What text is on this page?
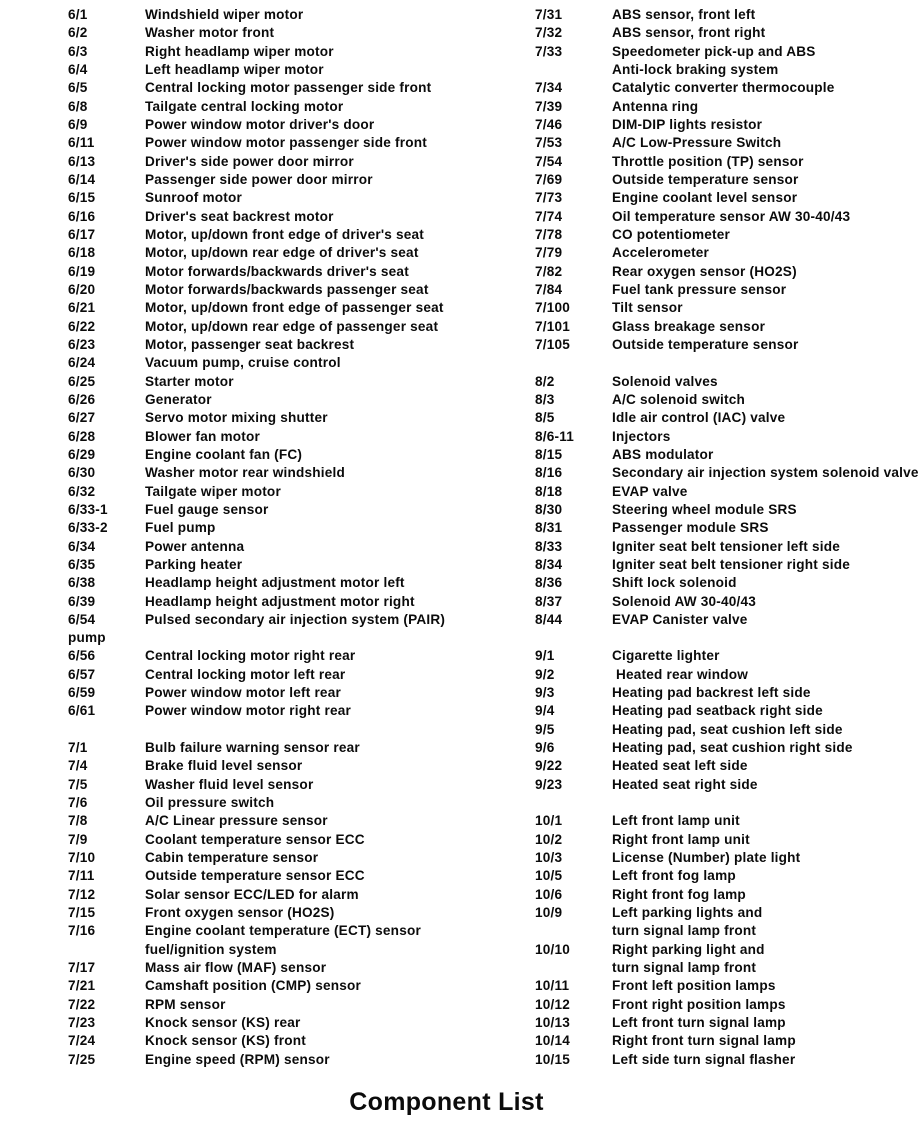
6/1	Windshield wiper motor
6/2	Washer motor front
6/3	Right headlamp wiper motor
6/4	Left headlamp wiper motor
6/5	Central locking motor passenger side front
6/8	Tailgate central locking motor
6/9	Power window motor driver's door
6/11	Power window motor passenger side front
6/13	Driver's side power door mirror
6/14	Passenger side power door mirror
6/15	Sunroof motor
6/16	Driver's seat backrest motor
6/17	Motor, up/down front edge of driver's seat
6/18	Motor, up/down rear edge of driver's seat
6/19	Motor forwards/backwards driver's seat
6/20	Motor forwards/backwards passenger seat
6/21	Motor, up/down front edge of passenger seat
6/22	Motor, up/down rear edge of passenger seat
6/23	Motor, passenger seat backrest
6/24	Vacuum pump, cruise control
6/25	Starter motor
6/26	Generator
6/27	Servo motor mixing shutter
6/28	Blower fan motor
6/29	Engine coolant fan (FC)
6/30	Washer motor rear windshield
6/32	Tailgate wiper motor
6/33-1	Fuel gauge sensor
6/33-2	Fuel pump
6/34	Power antenna
6/35	Parking heater
6/38	Headlamp height adjustment motor left
6/39	Headlamp height adjustment motor right
6/54	Pulsed secondary air injection system (PAIR)
pump
6/56	Central locking motor right rear
6/57	Central locking motor left rear
6/59	Power window motor left rear
6/61	Power window motor right rear
7/1	Bulb failure warning sensor rear
7/4	Brake fluid level sensor
7/5	Washer fluid level sensor
7/6	Oil pressure switch
7/8	A/C Linear pressure sensor
7/9	Coolant temperature sensor ECC
7/10	Cabin temperature sensor
7/11	Outside temperature sensor ECC
7/12	Solar sensor ECC/LED for alarm
7/15	Front oxygen sensor (HO2S)
7/16	Engine coolant temperature (ECT) sensor
fuel/ignition system
7/17	Mass air flow (MAF) sensor
7/21	Camshaft position (CMP) sensor
7/22	RPM sensor
7/23	Knock sensor (KS) rear
7/24	Knock sensor (KS) front
7/25	Engine speed (RPM) sensor
7/31	ABS sensor, front left
7/32	ABS sensor, front right
7/33	Speedometer pick-up and ABS
Anti-lock braking system
7/34	Catalytic converter thermocouple
7/39	Antenna ring
7/46	DIM-DIP lights resistor
7/53	A/C Low-Pressure Switch
7/54	Throttle position (TP) sensor
7/69	Outside temperature sensor
7/73	Engine coolant level sensor
7/74	Oil temperature sensor AW 30-40/43
7/78	CO potentiometer
7/79	Accelerometer
7/82	Rear oxygen sensor (HO2S)
7/84	Fuel tank pressure sensor
7/100	Tilt sensor
7/101	Glass breakage sensor
7/105	Outside temperature sensor
8/2	Solenoid valves
8/3	A/C solenoid switch
8/5	Idle air control (IAC) valve
8/6-11	Injectors
8/15	ABS modulator
8/16	Secondary air injection system solenoid valve
8/18	EVAP valve
8/30	Steering wheel module SRS
8/31	Passenger module SRS
8/33	Igniter seat belt tensioner left side
8/34	Igniter seat belt tensioner right side
8/36	Shift lock solenoid
8/37	Solenoid AW 30-40/43
8/44	EVAP Canister valve
9/1	Cigarette lighter
9/2	Heated rear window
9/3	Heating pad backrest left side
9/4	Heating pad seatback right side
9/5	Heating pad, seat cushion left side
9/6	Heating pad, seat cushion right side
9/22	Heated seat left side
9/23	Heated seat right side
10/1	Left front lamp unit
10/2	Right front lamp unit
10/3	License (Number) plate light
10/5	Left front fog lamp
10/6	Right front fog lamp
10/9	Left parking lights and
turn signal lamp front
10/10	Right parking light and
turn signal lamp front
10/11	Front left position lamps
10/12	Front right position lamps
10/13	Left front turn signal lamp
10/14	Right front turn signal lamp
10/15	Left side turn signal flasher
Component List
